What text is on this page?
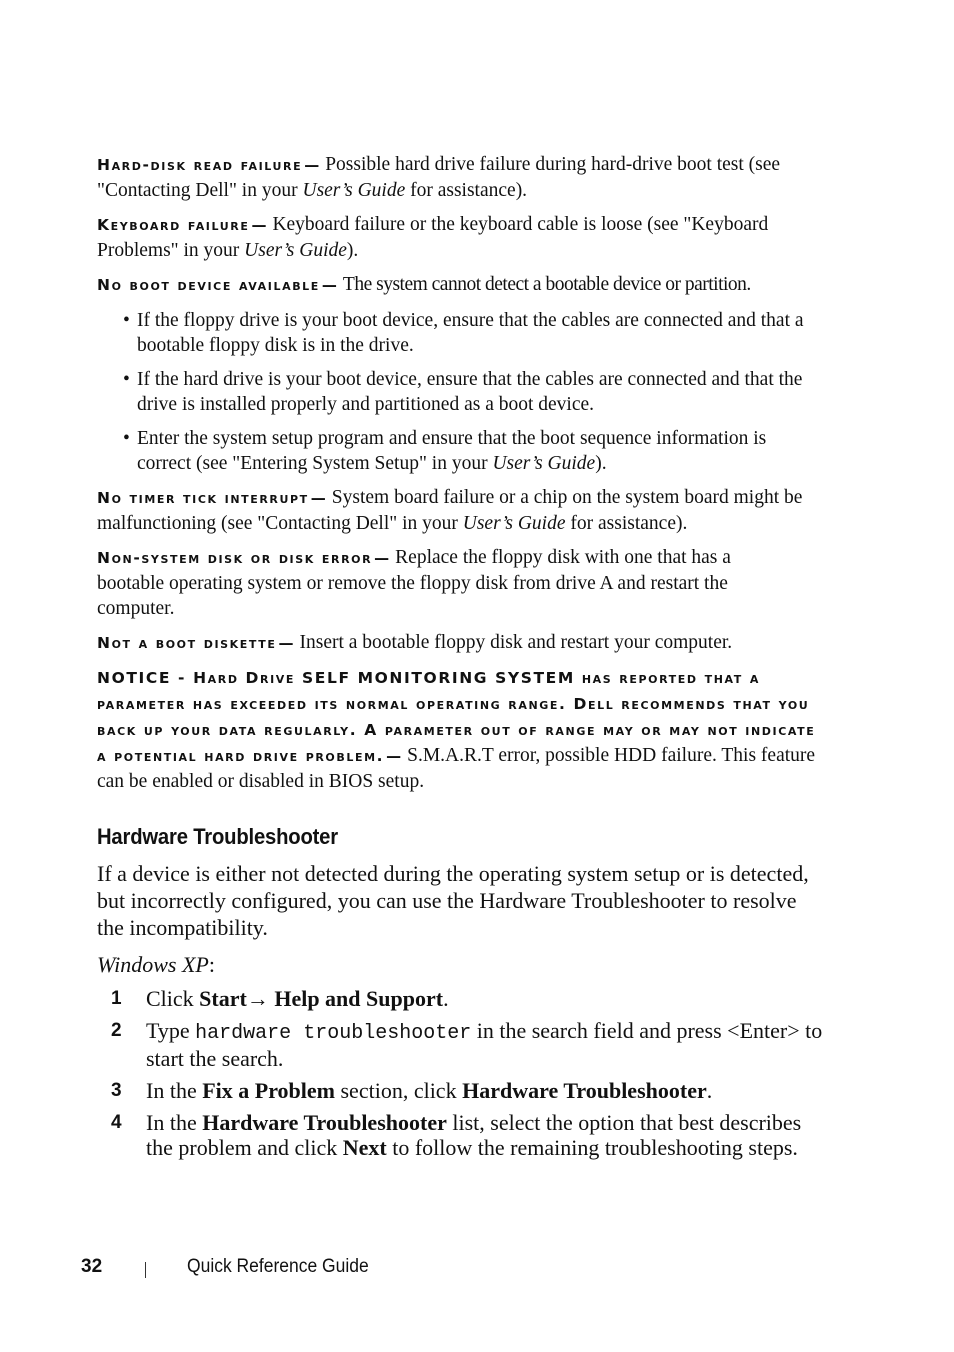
Hard-disk read failure — Possible hard drive failure during hard-drive boot test (see "Contacting Dell" in your User’s Guide for assistance).

Keyboard failure — Keyboard failure or the keyboard cable is loose (see "Keyboard Problems" in your User’s Guide).

No boot device available — The system cannot detect a bootable device or partition.

• If the floppy drive is your boot device, ensure that the cables are connected and that a bootable floppy disk is in the drive.
• If the hard drive is your boot device, ensure that the cables are connected and that the drive is installed properly and partitioned as a boot device.
• Enter the system setup program and ensure that the boot sequence information is correct (see "Entering System Setup" in your User’s Guide).

No timer tick interrupt — System board failure or a chip on the system board might be malfunctioning (see "Contacting Dell" in your User’s Guide for assistance).

Non-system disk or disk error — Replace the floppy disk with one that has a bootable operating system or remove the floppy disk from drive A and restart the computer.

Not a boot diskette — Insert a bootable floppy disk and restart your computer.

NOTICE - Hard Drive SELF MONITORING SYSTEM has reported that a parameter has exceeded its normal operating range. Dell recommends that you back up your data regularly. A parameter out of range may or may not indicate a potential hard drive problem. — S.M.A.R.T error, possible HDD failure. This feature can be enabled or disabled in BIOS setup.

Hardware Troubleshooter

If a device is either not detected during the operating system setup or is detected, but incorrectly configured, you can use the Hardware Troubleshooter to resolve the incompatibility.

Windows XP:

1 Click Start→ Help and Support.
2 Type hardware troubleshooter in the search field and press <Enter> to start the search.
3 In the Fix a Problem section, click Hardware Troubleshooter.
4 In the Hardware Troubleshooter list, select the option that best describes the problem and click Next to follow the remaining troubleshooting steps.
32	Quick Reference Guide
